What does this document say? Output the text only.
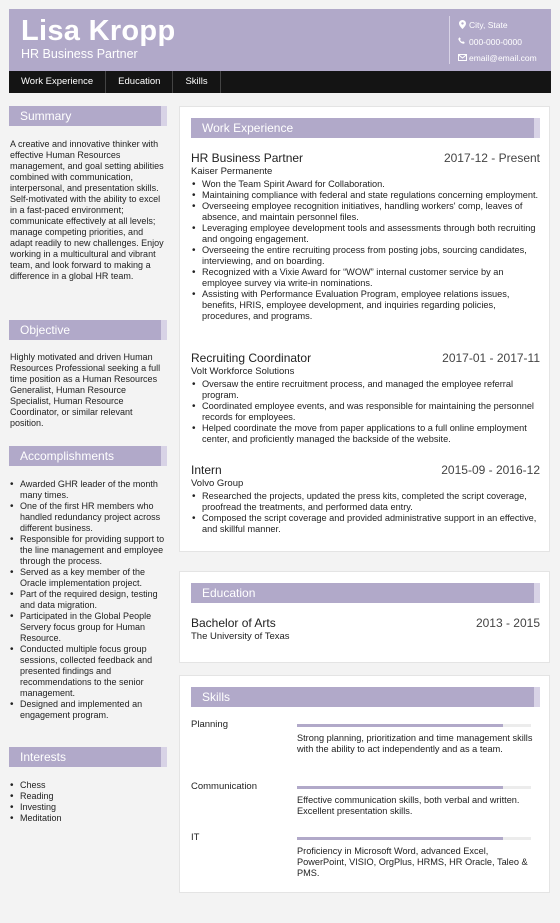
Lisa Kropp
HR Business Partner
City, State
000-000-0000
email@email.com
Work Experience	Education	Skills
Summary
A creative and innovative thinker with effective Human Resources management, and goal setting abilities combined with communication, interpersonal, and presentation skills. Self-motivated with the ability to excel in a fast-paced environment; communicate effectively at all levels; manage competing priorities, and adapt readily to new challenges. Enjoy working in a multicultural and vibrant team, and look forward to making a difference in a global HR team.
Objective
Highly motivated and driven Human Resources Professional seeking a full time position as a Human Resources Generalist, Human Resource Specialist, Human Resource Coordinator, or similar relevant position.
Accomplishments
• Awarded GHR leader of the month many times.
• One of the first HR members who handled redundancy project across different business.
• Responsible for providing support to the line management and employee through the process.
• Served as a key member of the Oracle implementation project.
• Part of the required design, testing and data migration.
• Participated in the Global People Servery focus group for Human Resource.
• Conducted multiple focus group sessions, collected feedback and presented findings and recommendations to the senior management.
• Designed and implemented an engagement program.
Interests
• Chess
• Reading
• Investing
• Meditation
Work Experience
HR Business Partner	2017-12 - Present
Kaiser Permanente
• Won the Team Spirit Award for Collaboration.
• Maintaining compliance with federal and state regulations concerning employment.
• Overseeing employee recognition initiatives, handling workers' comp, leaves of absence, and maintain personnel files.
• Leveraging employee development tools and assessments through both recruiting and ongoing engagement.
• Overseeing the entire recruiting process from posting jobs, sourcing candidates, interviewing, and on boarding.
• Recognized with a Vixie Award for “WOW” internal customer service by an employee survey via write-in nominations.
• Assisting with Performance Evaluation Program, employee relations issues, benefits, HRIS, employee development, and inquiries regarding policies, procedures, and programs.
Recruiting Coordinator	2017-01 - 2017-11
Volt Workforce Solutions
• Oversaw the entire recruitment process, and managed the employee referral program.
• Coordinated employee events, and was responsible for maintaining the personnel records for employees.
• Helped coordinate the move from paper applications to a full online employment center, and proficiently managed the backside of the website.
Intern	2015-09 - 2016-12
Volvo Group
• Researched the projects, updated the press kits, completed the script coverage, proofread the treatments, and performed data entry.
• Composed the script coverage and provided administrative support in an effective, and skillful manner.
Education
Bachelor of Arts	2013 - 2015
The University of Texas
Skills
Planning
Strong planning, prioritization and time management skills with the ability to act independently and as a team.
Communication
Effective communication skills, both verbal and written. Excellent presentation skills.
IT
Proficiency in Microsoft Word, advanced Excel, PowerPoint, VISIO, OrgPlus, HRMS, HR Oracle, Taleo & PMS.
